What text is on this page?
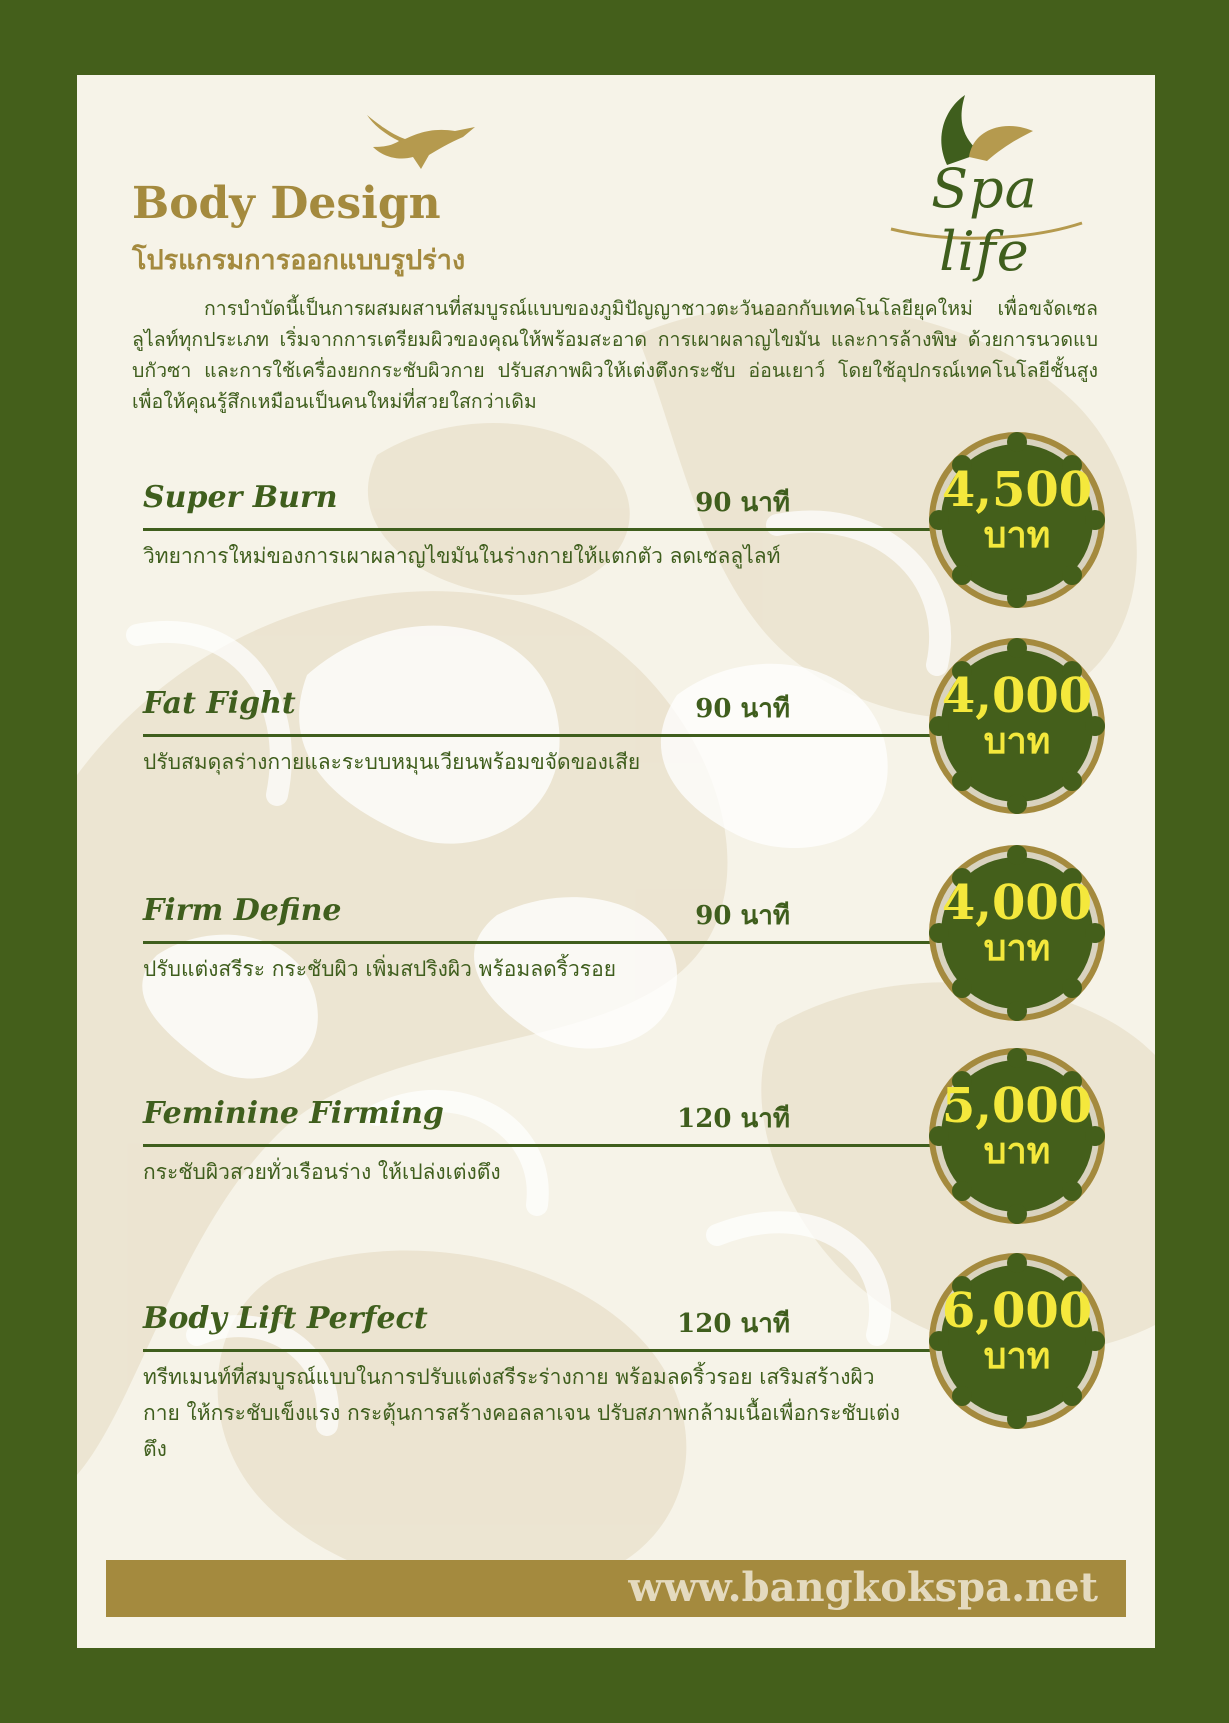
Spa life
Body Design
โปรแกรมการออกแบบรูปร่าง
การบำบัดนี้เป็นการผสมผสานที่สมบูรณ์แบบของภูมิปัญญาชาวตะวันออกกับเทคโนโลยียุคใหม่ เพื่อขจัดเซลลูไลท์ทุกประเภท เริ่มจากการเตรียมผิวของคุณให้พร้อมสะอาด การเผาผลาญไขมัน และการล้างพิษ ด้วยการนวดแบบกัวซา และการใช้เครื่องยกกระชับผิวกาย ปรับสภาพผิวให้เต่งตึงกระชับ อ่อนเยาว์ โดยใช้อุปกรณ์เทคโนโลยีชั้นสูงเพื่อให้คุณรู้สึกเหมือนเป็นคนใหม่ที่สวยใสกว่าเดิม
Super Burn	90 นาที
วิทยาการใหม่ของการเผาผลาญไขมันในร่างกายให้แตกตัว ลดเซลลูไลท์
4,500
บาท
Fat Fight	90 นาที
ปรับสมดุลร่างกายและระบบหมุนเวียนพร้อมขจัดของเสีย
4,000
บาท
Firm Define	90 นาที
ปรับแต่งสรีระ กระชับผิว เพิ่มสปริงผิว พร้อมลดริ้วรอย
4,000
บาท
Feminine Firming	120 นาที
กระชับผิวสวยทั่วเรือนร่าง ให้เปล่งเต่งตึง
5,000
บาท
Body Lift Perfect	120 นาที
ทรีทเมนท์ที่สมบูรณ์แบบในการปรับแต่งสรีระร่างกาย พร้อมลดริ้วรอย เสริมสร้างผิวกาย ให้กระชับเข็งแรง กระตุ้นการสร้างคอลลาเจน ปรับสภาพกล้ามเนื้อเพื่อกระชับเต่งตึง
6,000
บาท
www.bangkokspa.net
